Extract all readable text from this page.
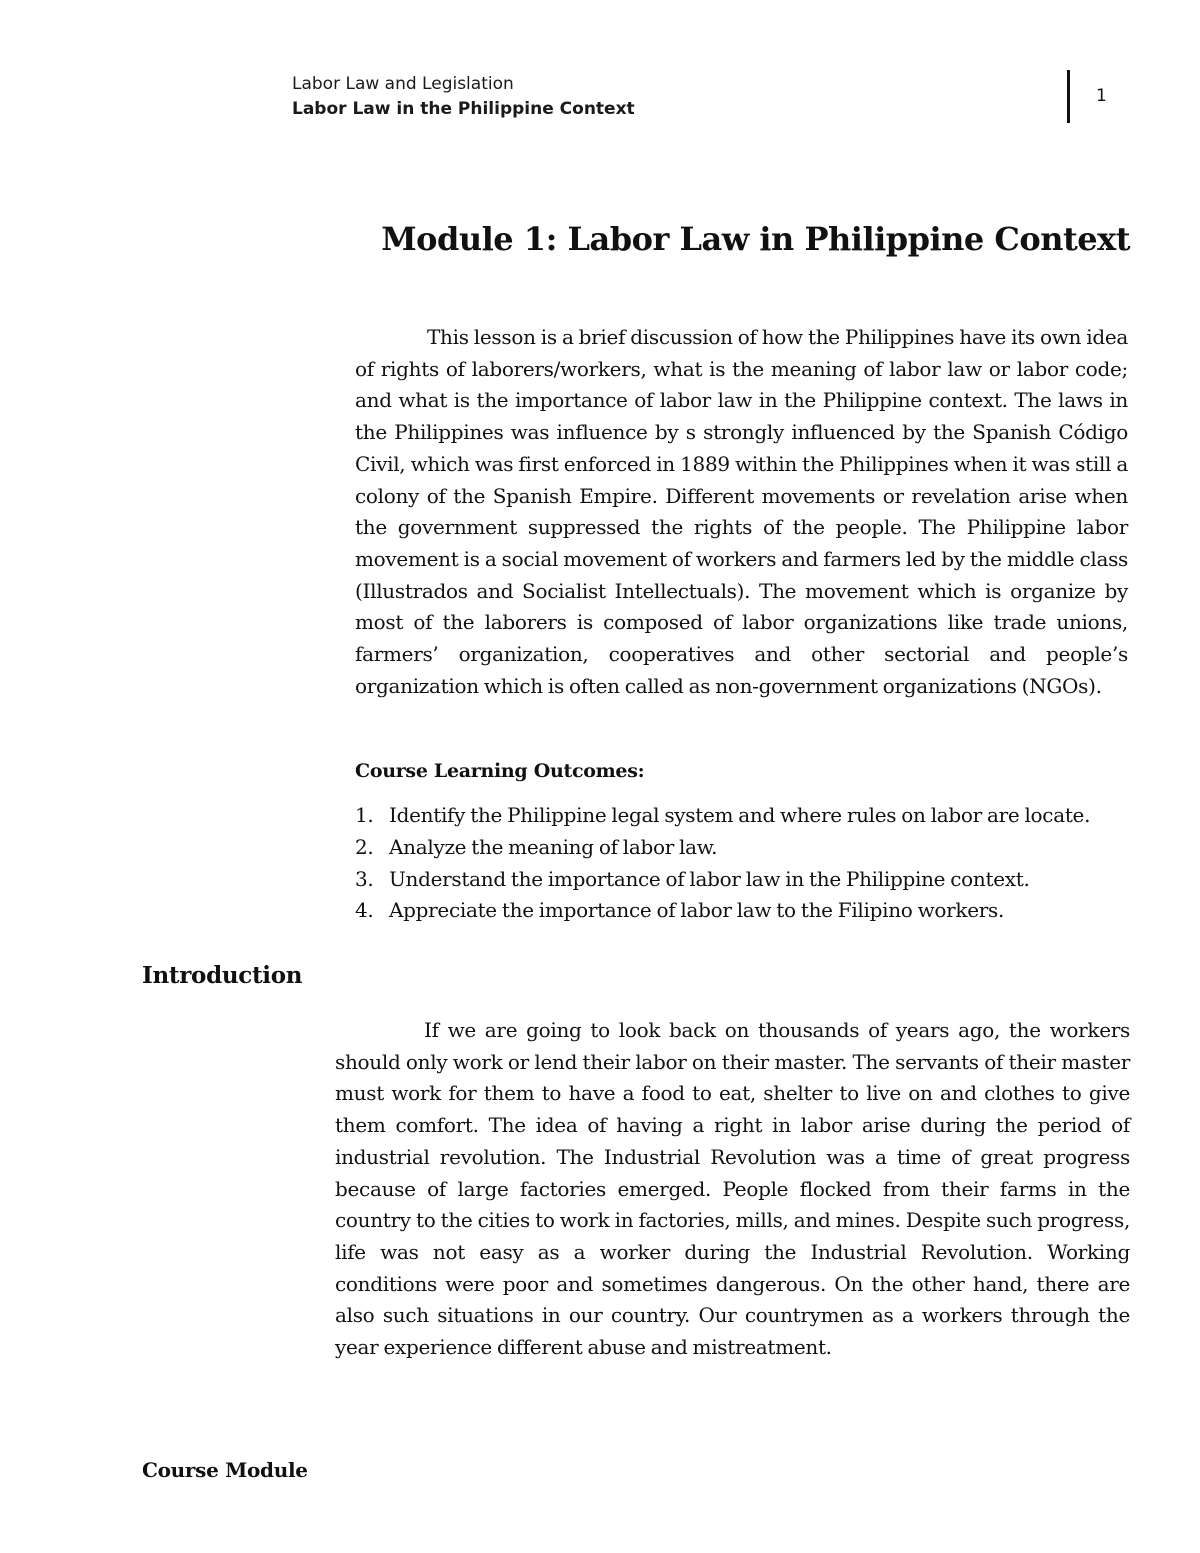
Labor Law and Legislation
Labor Law in the Philippine Context
1
Module 1: Labor Law in Philippine Context

This lesson is a brief discussion of how the Philippines have its own idea of rights of laborers/workers, what is the meaning of labor law or labor code; and what is the importance of labor law in the Philippine context. The laws in the Philippines was influence by s strongly influenced by the Spanish Código Civil, which was first enforced in 1889 within the Philippines when it was still a colony of the Spanish Empire. Different movements or revelation arise when the government suppressed the rights of the people. The Philippine labor movement is a social movement of workers and farmers led by the middle class (Illustrados and Socialist Intellectuals). The movement which is organize by most of the laborers is composed of labor organizations like trade unions, farmers’ organization, cooperatives and other sectorial and people’s organization which is often called as non-government organizations (NGOs).

Course Learning Outcomes:
1. Identify the Philippine legal system and where rules on labor are locate.
2. Analyze the meaning of labor law.
3. Understand the importance of labor law in the Philippine context.
4. Appreciate the importance of labor law to the Filipino workers.
Introduction

If we are going to look back on thousands of years ago, the workers should only work or lend their labor on their master. The servants of their master must work for them to have a food to eat, shelter to live on and clothes to give them comfort. The idea of having a right in labor arise during the period of industrial revolution. The Industrial Revolution was a time of great progress because of large factories emerged. People flocked from their farms in the country to the cities to work in factories, mills, and mines. Despite such progress, life was not easy as a worker during the Industrial Revolution. Working conditions were poor and sometimes dangerous. On the other hand, there are also such situations in our country. Our countrymen as a workers through the year experience different abuse and mistreatment.

Course Module
